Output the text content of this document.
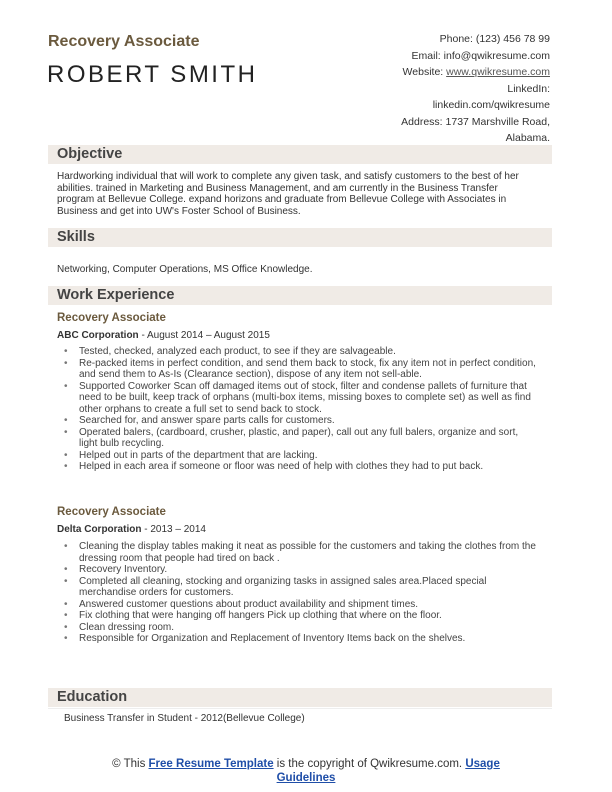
Recovery Associate
ROBERT SMITH
Phone: (123) 456 78 99
Email: info@qwikresume.com
Website: www.qwikresume.com
LinkedIn:
linkedin.com/qwikresume
Address: 1737 Marshville Road,
Alabama.
Objective
Hardworking individual that will work to complete any given task, and satisfy customers to the best of her abilities. trained in Marketing and Business Management, and am currently in the Business Transfer program at Bellevue College. expand horizons and graduate from Bellevue College with Associates in Business and get into UW's Foster School of Business.
Skills
Networking, Computer Operations, MS Office Knowledge.
Work Experience
Recovery Associate
ABC Corporation - August 2014 – August 2015
• Tested, checked, analyzed each product, to see if they are salvageable.
• Re-packed items in perfect condition, and send them back to stock, fix any item not in perfect condition, and send them to As-Is (Clearance section), dispose of any item not sell-able.
• Supported Coworker Scan off damaged items out of stock, filter and condense pallets of furniture that need to be built, keep track of orphans (multi-box items, missing boxes to complete set) as well as find other orphans to create a full set to send back to stock.
• Searched for, and answer spare parts calls for customers.
• Operated balers, (cardboard, crusher, plastic, and paper), call out any full balers, organize and sort, light bulb recycling.
• Helped out in parts of the department that are lacking.
• Helped in each area if someone or floor was need of help with clothes they had to put back.
Recovery Associate
Delta Corporation - 2013 – 2014
• Cleaning the display tables making it neat as possible for the customers and taking the clothes from the dressing room that people had tired on back .
• Recovery Inventory.
• Completed all cleaning, stocking and organizing tasks in assigned sales area.Placed special merchandise orders for customers.
• Answered customer questions about product availability and shipment times.
• Fix clothing that were hanging off hangers Pick up clothing that where on the floor.
• Clean dressing room.
• Responsible for Organization and Replacement of Inventory Items back on the shelves.
Education
Business Transfer in Student - 2012(Bellevue College)
© This Free Resume Template is the copyright of Qwikresume.com. Usage
Guidelines
